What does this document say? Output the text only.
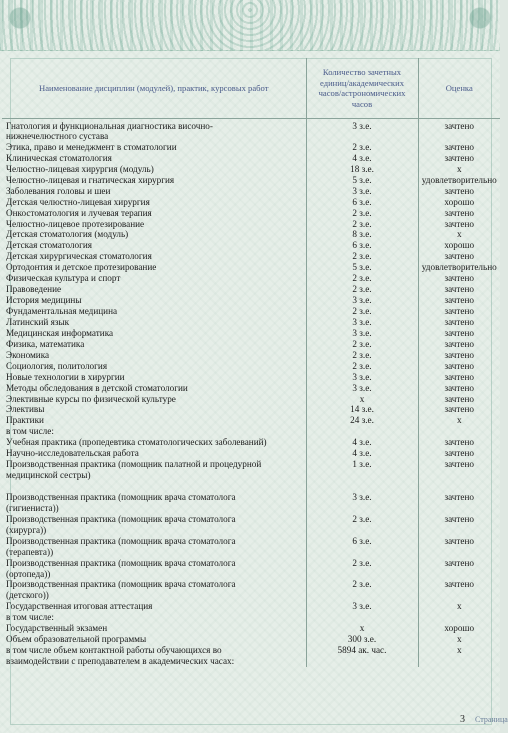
Наименование дисциплин (модулей), практик, курсовых работ	Количество зачетных единиц/академических часов/астрономических часов	Оценка
Гнатология и функциональная диагностика височно-	3 з.е.	зачтено
нижнечелюстного сустава		
Этика, право и менеджмент в стоматологии	2 з.е.	зачтено
Клиническая стоматология	4 з.е.	зачтено
Челюстно-лицевая хирургия (модуль)	18 з.е.	х
Челюстно-лицевая и гнатическая хирургия	5 з.е.	удовлетворительно
Заболевания головы и шеи	3 з.е.	зачтено
Детская челюстно-лицевая хирургия	6 з.е.	хорошо
Онкостоматология и лучевая терапия	2 з.е.	зачтено
Челюстно-лицевое протезирование	2 з.е.	зачтено
Детская стоматология (модуль)	8 з.е.	х
Детская стоматология	6 з.е.	хорошо
Детская хирургическая стоматология	2 з.е.	зачтено
Ортодонтия и детское протезирование	5 з.е.	удовлетворительно
Физическая культура и спорт	2 з.е.	зачтено
Правоведение	2 з.е.	зачтено
История медицины	3 з.е.	зачтено
Фундаментальная медицина	2 з.е.	зачтено
Латинский язык	3 з.е.	зачтено
Медицинская информатика	3 з.е.	зачтено
Физика, математика	2 з.е.	зачтено
Экономика	2 з.е.	зачтено
Социология, политология	2 з.е.	зачтено
Новые технологии в хирургии	3 з.е.	зачтено
Методы обследования в детской стоматологии	3 з.е.	зачтено
Элективные курсы по физической культуре	х	зачтено
Элективы	14 з.е.	зачтено
Практики	24 з.е.	х
в том числе:		
Учебная практика (пропедевтика стоматологических заболеваний)	4 з.е.	зачтено
Научно-исследовательская работа	4 з.е.	зачтено
Производственная практика (помощник палатной и процедурной	1 з.е.	зачтено
медицинской сестры)		

Производственная практика (помощник врача стоматолога	3 з.е.	зачтено
(гигиениста))		
Производственная практика (помощник врача стоматолога	2 з.е.	зачтено
(хирурга))		
Производственная практика (помощник врача стоматолога	6 з.е.	зачтено
(терапевта))		
Производственная практика (помощник врача стоматолога	2 з.е.	зачтено
(ортопеда))		
Производственная практика (помощник врача стоматолога	2 з.е.	зачтено
(детского))		
Государственная итоговая аттестация	3 з.е.	х
в том числе:		
Государственный экзамен	х	хорошо
Объем образовательной программы	300 з.е.	х
в том числе объем контактной работы обучающихся во	5894 ак. час.	х
взаимодействии с преподавателем в академических часах:		
3 Страница
